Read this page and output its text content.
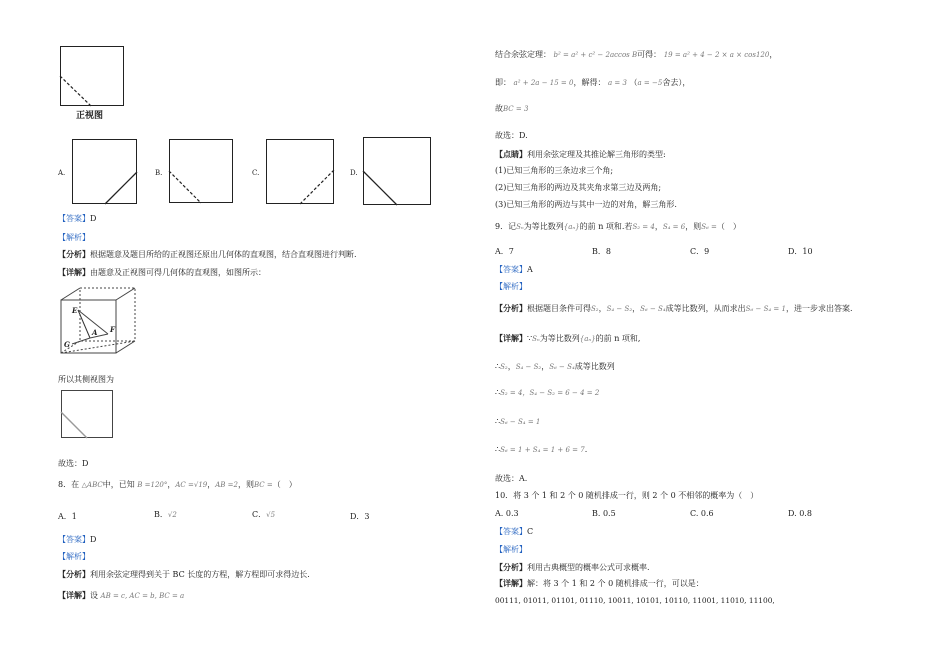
正视图
A.	B.	C.	D.
【答案】D
【解析】
【分析】根据题意及题目所给的正视图还原出几何体的直观图，结合直观图进行判断.
【详解】由题意及正视图可得几何体的直观图，如图所示：
E
A F
G
所以其侧视图为
故选：D
8．在 △ABC中，已知 B =120°，AC =√19，AB =2，则BC =（　）
A．1	B．√2	C．√5	D．3
【答案】D
【解析】
【分析】利用余弦定理得到关于 BC 长度的方程，解方程即可求得边长.
【详解】设 AB = c, AC = b, BC = a
结合余弦定理： b² = a² + c² − 2accos B可得： 19 = a² + 4 − 2 × a × cos120，
即： a² + 2a − 15 = 0，解得： a = 3 （a = −5舍去），
故BC = 3
故选：D.
【点睛】利用余弦定理及其推论解三角形的类型:
(1)已知三角形的三条边求三个角;
(2)已知三角形的两边及其夹角求第三边及两角;
(3)已知三角形的两边与其中一边的对角，解三角形.
9．记Sₙ为等比数列{aₙ}的前 n 项和.若S₂ = 4，S₄ = 6，则S₆ =（　）
A．7	B．8	C．9	D．10
【答案】A
【解析】
【分析】根据题目条件可得S₂，S₄ − S₂，S₆ − S₄成等比数列，从而求出S₆ − S₄ = 1，进一步求出答案.
【详解】∵Sₙ为等比数列{aₙ}的前 n 项和,
∴S₂，S₄ − S₂，S₆ − S₄成等比数列
∴S₂ = 4，S₄ − S₂ = 6 − 4 = 2
∴S₆ − S₄ = 1
∴S₆ = 1 + S₄ = 1 + 6 = 7.
故选：A.
10．将 3 个 1 和 2 个 0 随机排成一行，则 2 个 0 不相邻的概率为（　）
A. 0.3	B. 0.5	C. 0.6	D. 0.8
【答案】C
【解析】
【分析】利用古典概型的概率公式可求概率.
【详解】解：将 3 个 1 和 2 个 0 随机排成一行，可以是：
00111, 01011, 01101, 01110, 10011, 10101, 10110, 11001, 11010, 11100,
